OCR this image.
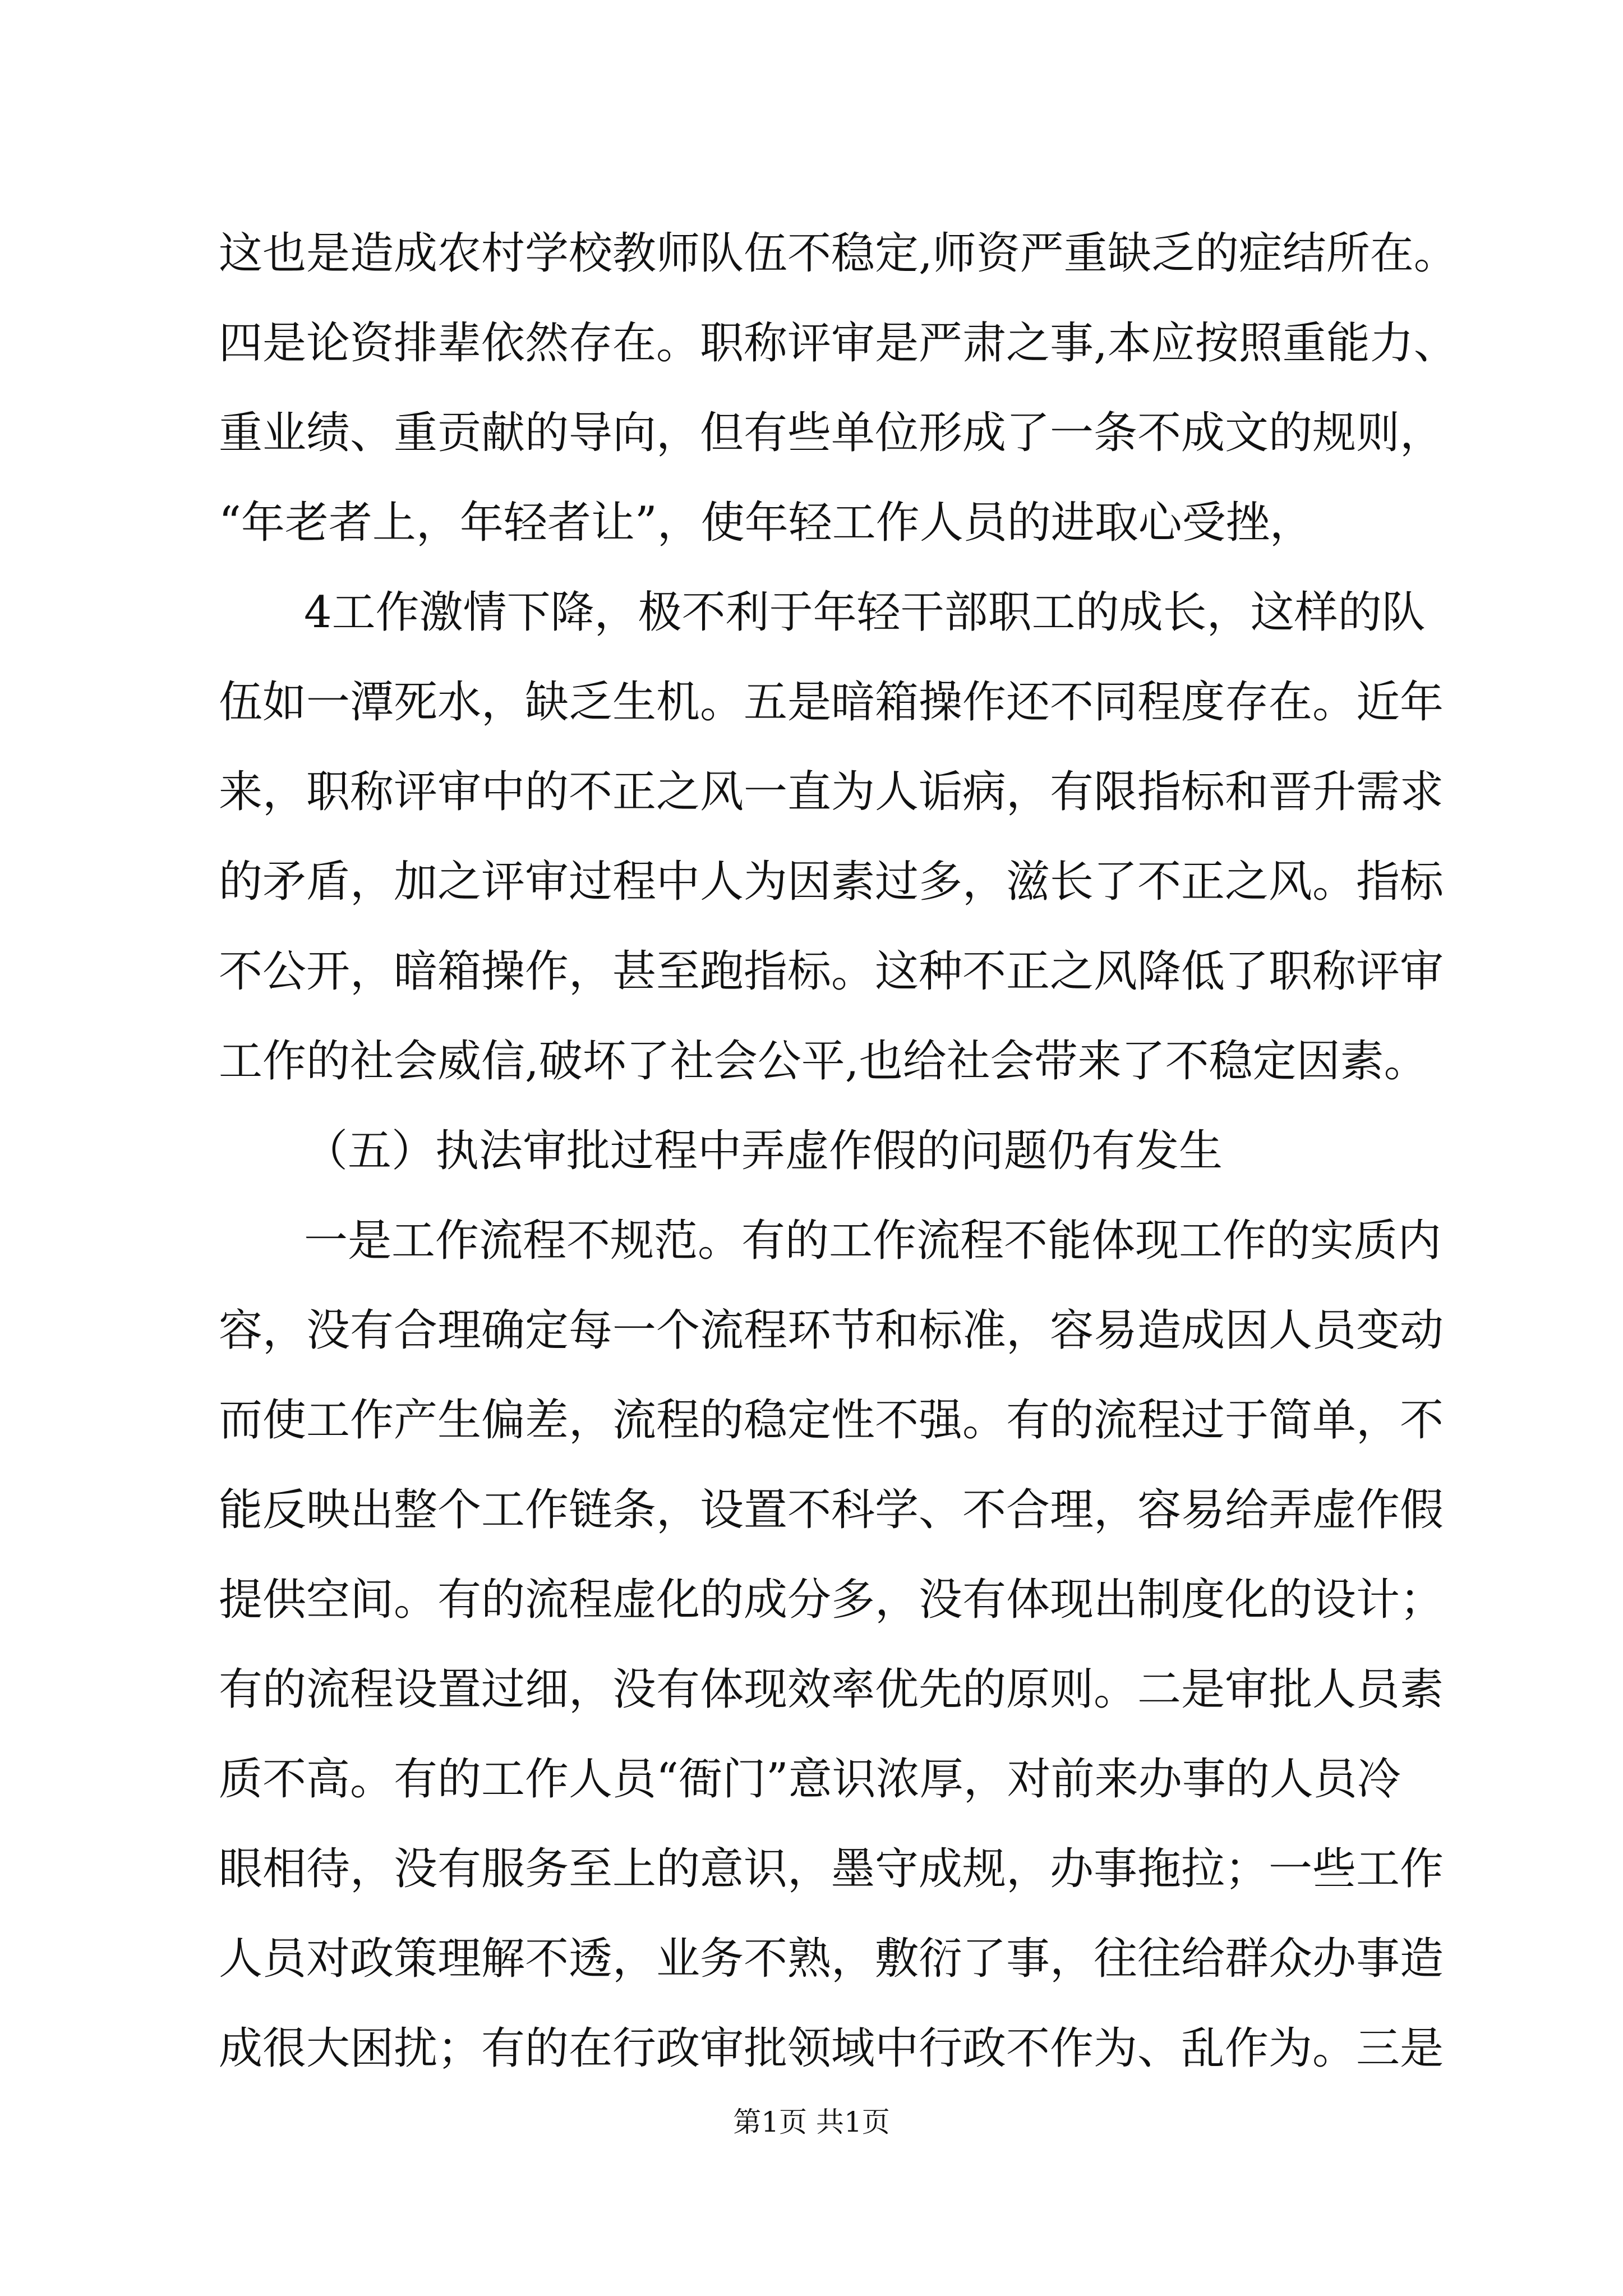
这也是造成农村学校教师队伍不稳定,师资严重缺乏的症结所在。
四是论资排辈依然存在。职称评审是严肃之事,本应按照重能力、
重业绩、重贡献的导向，但有些单位形成了一条不成文的规则，
“年老者上，年轻者让”，使年轻工作人员的进取心受挫，
4工作激情下降，极不利于年轻干部职工的成长，这样的队
伍如一潭死水，缺乏生机。五是暗箱操作还不同程度存在。近年
来，职称评审中的不正之风一直为人诟病，有限指标和晋升需求
的矛盾，加之评审过程中人为因素过多，滋长了不正之风。指标
不公开，暗箱操作，甚至跑指标。这种不正之风降低了职称评审
工作的社会威信,破坏了社会公平,也给社会带来了不稳定因素。
（五）执法审批过程中弄虚作假的问题仍有发生
一是工作流程不规范。有的工作流程不能体现工作的实质内
容，没有合理确定每一个流程环节和标准，容易造成因人员变动
而使工作产生偏差，流程的稳定性不强。有的流程过于简单，不
能反映出整个工作链条，设置不科学、不合理，容易给弄虚作假
提供空间。有的流程虚化的成分多，没有体现出制度化的设计；
有的流程设置过细，没有体现效率优先的原则。二是审批人员素
质不高。有的工作人员“衙门”意识浓厚，对前来办事的人员冷
眼相待，没有服务至上的意识，墨守成规，办事拖拉；一些工作
人员对政策理解不透，业务不熟，敷衍了事，往往给群众办事造
成很大困扰；有的在行政审批领域中行政不作为、乱作为。三是
第1页 共1页
